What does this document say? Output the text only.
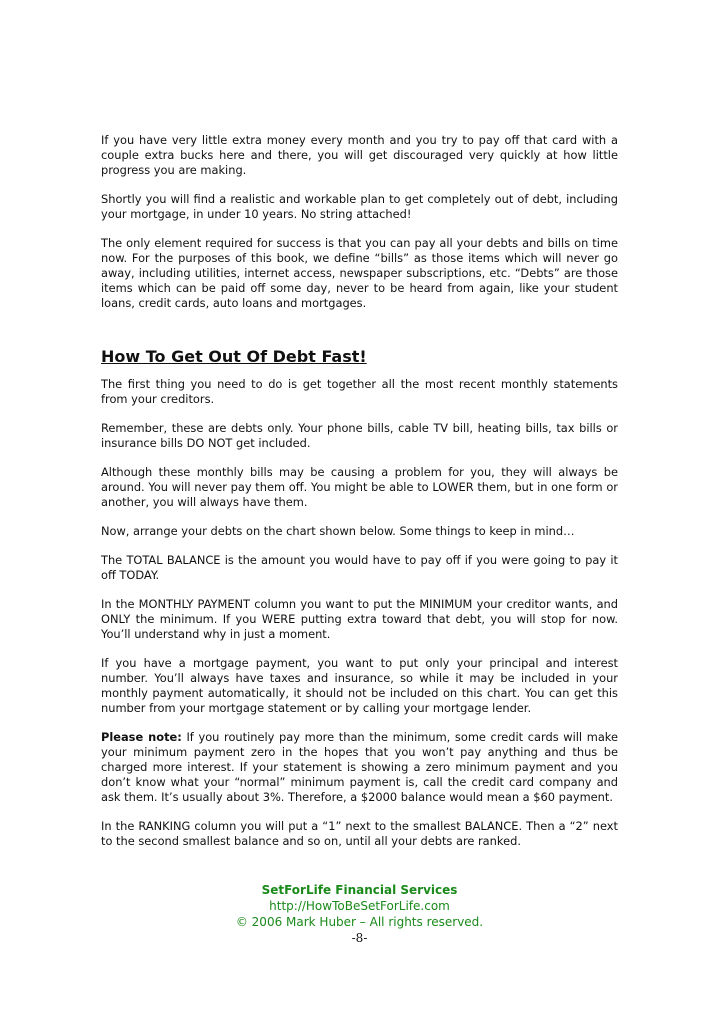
If you have very little extra money every month and you try to pay off that card with a couple extra bucks here and there, you will get discouraged very quickly at how little progress you are making.

Shortly you will find a realistic and workable plan to get completely out of debt, including your mortgage, in under 10 years. No string attached!

The only element required for success is that you can pay all your debts and bills on time now. For the purposes of this book, we define “bills” as those items which will never go away, including utilities, internet access, newspaper subscriptions, etc. “Debts” are those items which can be paid off some day, never to be heard from again, like your student loans, credit cards, auto loans and mortgages.

How To Get Out Of Debt Fast!

The first thing you need to do is get together all the most recent monthly statements from your creditors.

Remember, these are debts only. Your phone bills, cable TV bill, heating bills, tax bills or insurance bills DO NOT get included.

Although these monthly bills may be causing a problem for you, they will always be around. You will never pay them off. You might be able to LOWER them, but in one form or another, you will always have them.

Now, arrange your debts on the chart shown below. Some things to keep in mind…

The TOTAL BALANCE is the amount you would have to pay off if you were going to pay it off TODAY.

In the MONTHLY PAYMENT column you want to put the MINIMUM your creditor wants, and ONLY the minimum. If you WERE putting extra toward that debt, you will stop for now. You’ll understand why in just a moment.

If you have a mortgage payment, you want to put only your principal and interest number. You’ll always have taxes and insurance, so while it may be included in your monthly payment automatically, it should not be included on this chart. You can get this number from your mortgage statement or by calling your mortgage lender.

Please note: If you routinely pay more than the minimum, some credit cards will make your minimum payment zero in the hopes that you won’t pay anything and thus be charged more interest. If your statement is showing a zero minimum payment and you don’t know what your “normal” minimum payment is, call the credit card company and ask them. It’s usually about 3%. Therefore, a $2000 balance would mean a $60 payment.

In the RANKING column you will put a “1” next to the smallest BALANCE. Then a “2” next to the second smallest balance and so on, until all your debts are ranked.

SetForLife Financial Services
http://HowToBeSetForLife.com
© 2006 Mark Huber – All rights reserved.
-8-
